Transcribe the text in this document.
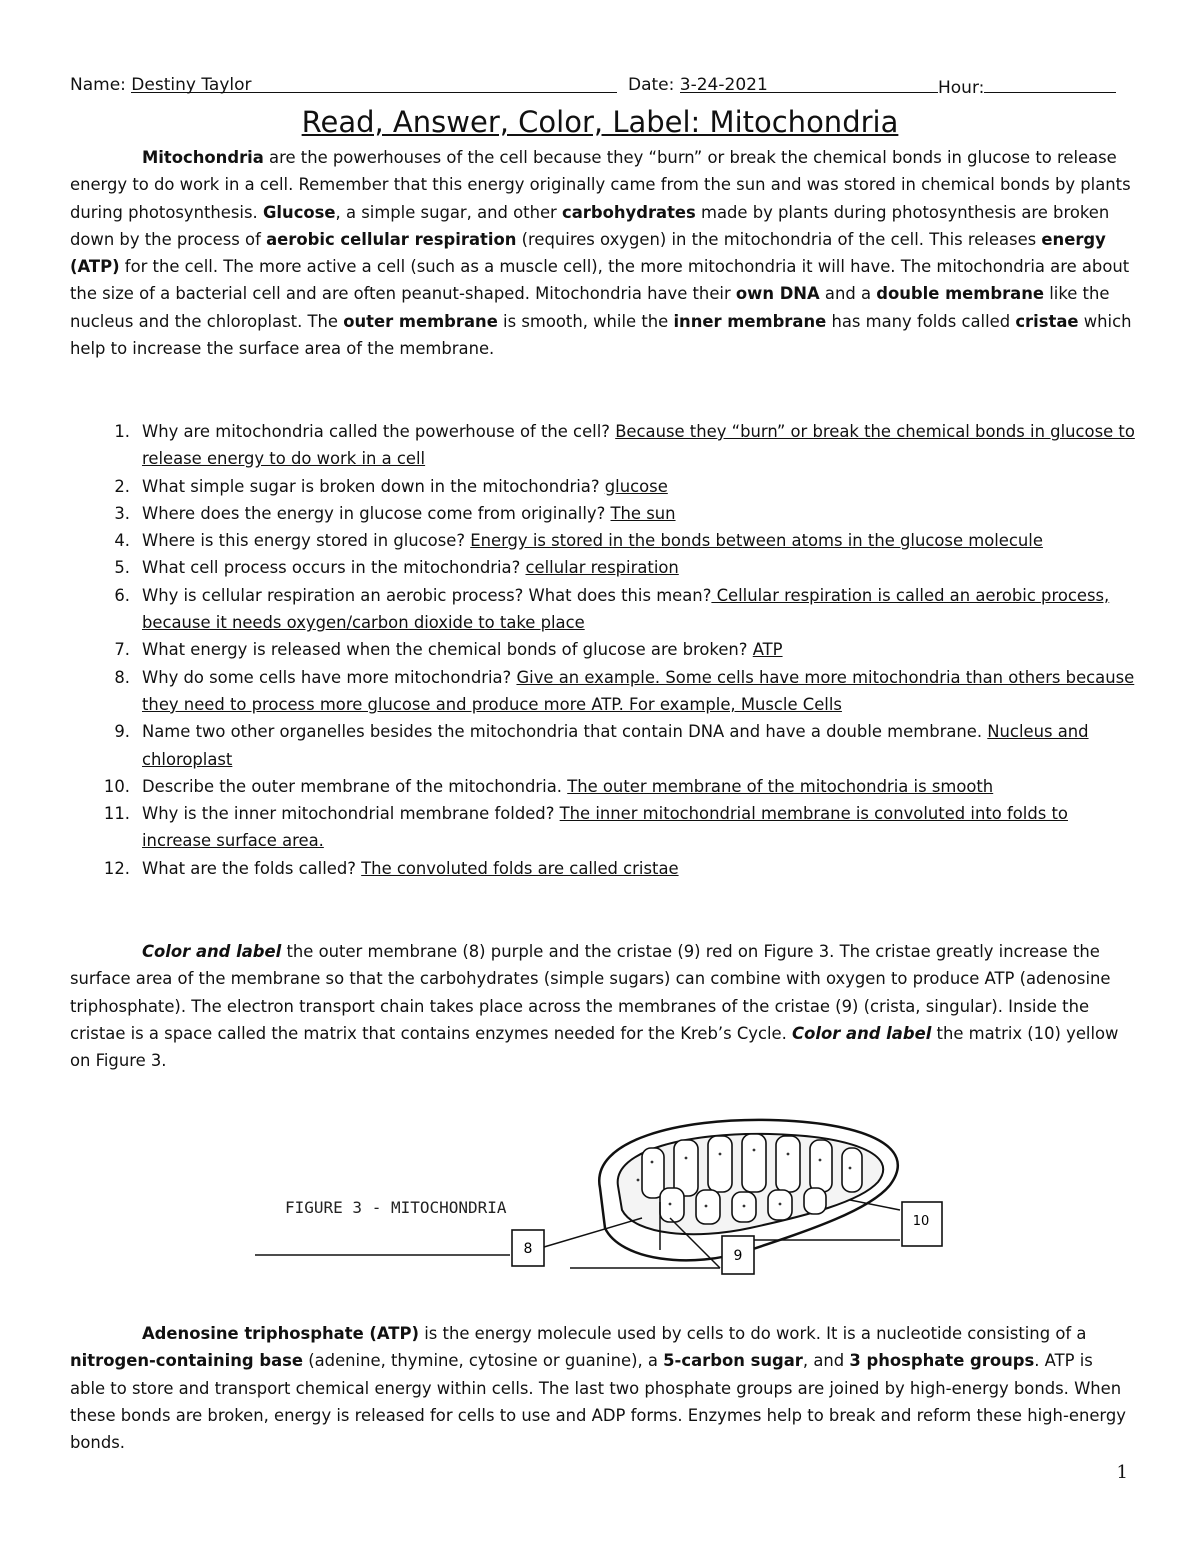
Name: Destiny Taylor	Date: 3-24-2021	Hour:
Read, Answer, Color, Label: Mitochondria
Mitochondria are the powerhouses of the cell because they “burn” or break the chemical bonds in glucose to release energy to do work in a cell. Remember that this energy originally came from the sun and was stored in chemical bonds by plants during photosynthesis. Glucose, a simple sugar, and other carbohydrates made by plants during photosynthesis are broken down by the process of aerobic cellular respiration (requires oxygen) in the mitochondria of the cell. This releases energy (ATP) for the cell. The more active a cell (such as a muscle cell), the more mitochondria it will have. The mitochondria are about the size of a bacterial cell and are often peanut-shaped. Mitochondria have their own DNA and a double membrane like the nucleus and the chloroplast. The outer membrane is smooth, while the inner membrane has many folds called cristae which help to increase the surface area of the membrane.
1. Why are mitochondria called the powerhouse of the cell? Because they “burn” or break the chemical bonds in glucose to release energy to do work in a cell
2. What simple sugar is broken down in the mitochondria? glucose
3. Where does the energy in glucose come from originally? The sun
4. Where is this energy stored in glucose? Energy is stored in the bonds between atoms in the glucose molecule
5. What cell process occurs in the mitochondria? cellular respiration
6. Why is cellular respiration an aerobic process? What does this mean? Cellular respiration is called an aerobic process, because it needs oxygen/carbon dioxide to take place
7. What energy is released when the chemical bonds of glucose are broken? ATP
8. Why do some cells have more mitochondria? Give an example. Some cells have more mitochondria than others because they need to process more glucose and produce more ATP. For example, Muscle Cells
9. Name two other organelles besides the mitochondria that contain DNA and have a double membrane. Nucleus and chloroplast
10. Describe the outer membrane of the mitochondria. The outer membrane of the mitochondria is smooth
11. Why is the inner mitochondrial membrane folded? The inner mitochondrial membrane is convoluted into folds to increase surface area.
12. What are the folds called? The convoluted folds are called cristae
Color and label the outer membrane (8) purple and the cristae (9) red on Figure 3. The cristae greatly increase the surface area of the membrane so that the carbohydrates (simple sugars) can combine with oxygen to produce ATP (adenosine triphosphate). The electron transport chain takes place across the membranes of the cristae (9) (crista, singular). Inside the cristae is a space called the matrix that contains enzymes needed for the Kreb’s Cycle. Color and label the matrix (10) yellow on Figure 3.
FIGURE 3 - MITOCHONDRIA
8	9
10
Adenosine triphosphate (ATP) is the energy molecule used by cells to do work. It is a nucleotide consisting of a nitrogen-containing base (adenine, thymine, cytosine or guanine), a 5-carbon sugar, and 3 phosphate groups. ATP is able to store and transport chemical energy within cells. The last two phosphate groups are joined by high-energy bonds. When these bonds are broken, energy is released for cells to use and ADP forms. Enzymes help to break and reform these high-energy bonds.
1
